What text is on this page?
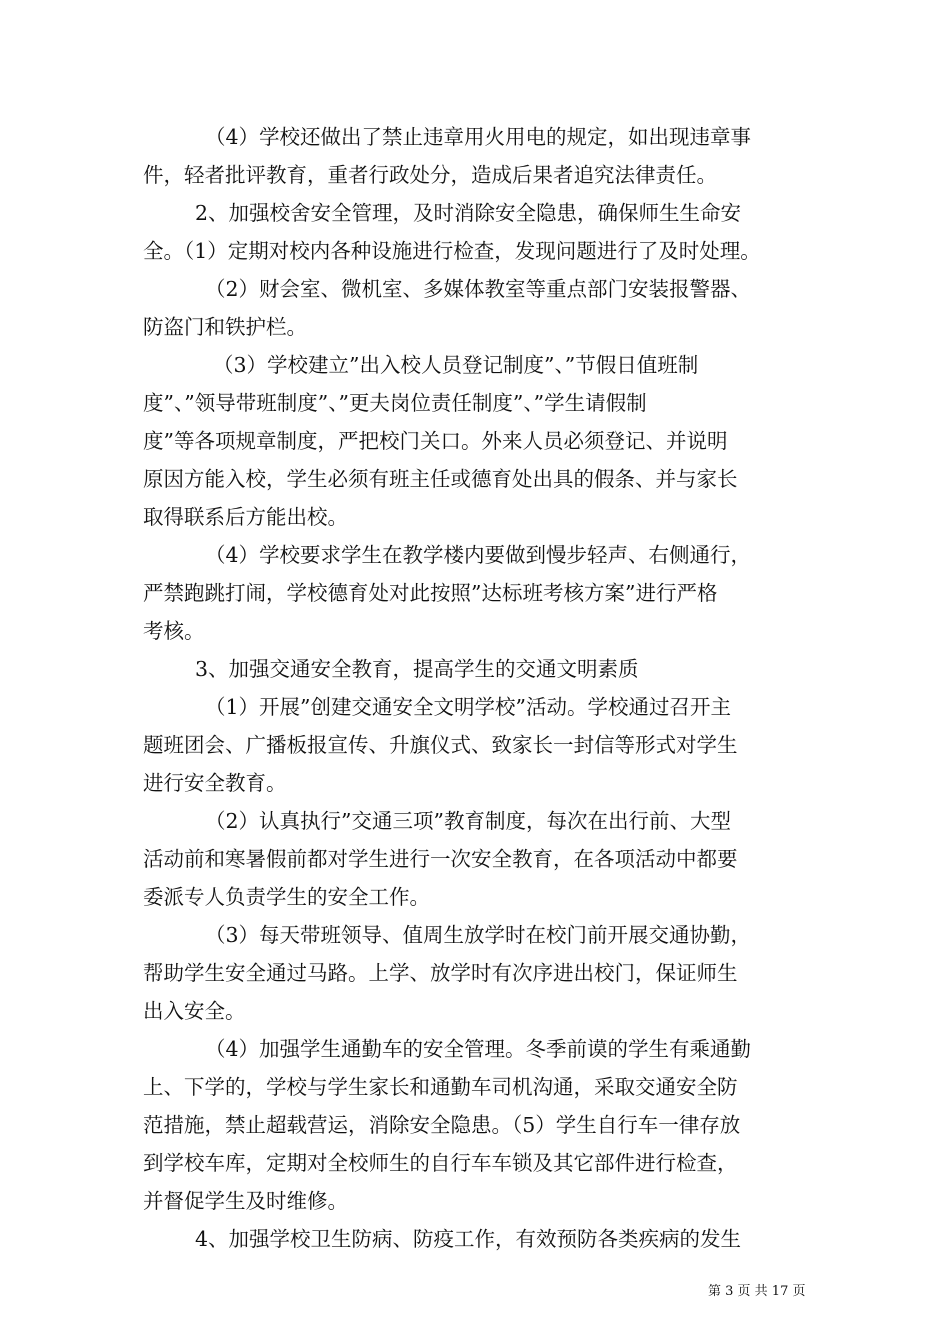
（4）学校还做出了禁止违章用火用电的规定，如出现违章事
件，轻者批评教育，重者行政处分，造成后果者追究法律责任。
2、加强校舍安全管理，及时消除安全隐患，确保师生生命安
全。（1）定期对校内各种设施进行检查，发现问题进行了及时处理。
（2）财会室、微机室、多媒体教室等重点部门安装报警器、
防盗门和铁护栏。
（3）学校建立”出入校人员登记制度”、”节假日值班制
度”、”领导带班制度”、”更夫岗位责任制度”、”学生请假制
度”等各项规章制度，严把校门关口。外来人员必须登记、并说明
原因方能入校，学生必须有班主任或德育处出具的假条、并与家长
取得联系后方能出校。
（4）学校要求学生在教学楼内要做到慢步轻声、右侧通行，
严禁跑跳打闹，学校德育处对此按照”达标班考核方案”进行严格
考核。
3、加强交通安全教育，提高学生的交通文明素质
（1）开展”创建交通安全文明学校”活动。学校通过召开主
题班团会、广播板报宣传、升旗仪式、致家长一封信等形式对学生
进行安全教育。
（2）认真执行”交通三项”教育制度，每次在出行前、大型
活动前和寒暑假前都对学生进行一次安全教育，在各项活动中都要
委派专人负责学生的安全工作。
（3）每天带班领导、值周生放学时在校门前开展交通协勤，
帮助学生安全通过马路。上学、放学时有次序进出校门，保证师生
出入安全。
（4）加强学生通勤车的安全管理。冬季前谟的学生有乘通勤
上、下学的，学校与学生家长和通勤车司机沟通，采取交通安全防
范措施，禁止超载营运，消除安全隐患。（5）学生自行车一律存放
到学校车库，定期对全校师生的自行车车锁及其它部件进行检查，
并督促学生及时维修。
4、加强学校卫生防病、防疫工作，有效预防各类疾病的发生
第 3 页 共 17 页
